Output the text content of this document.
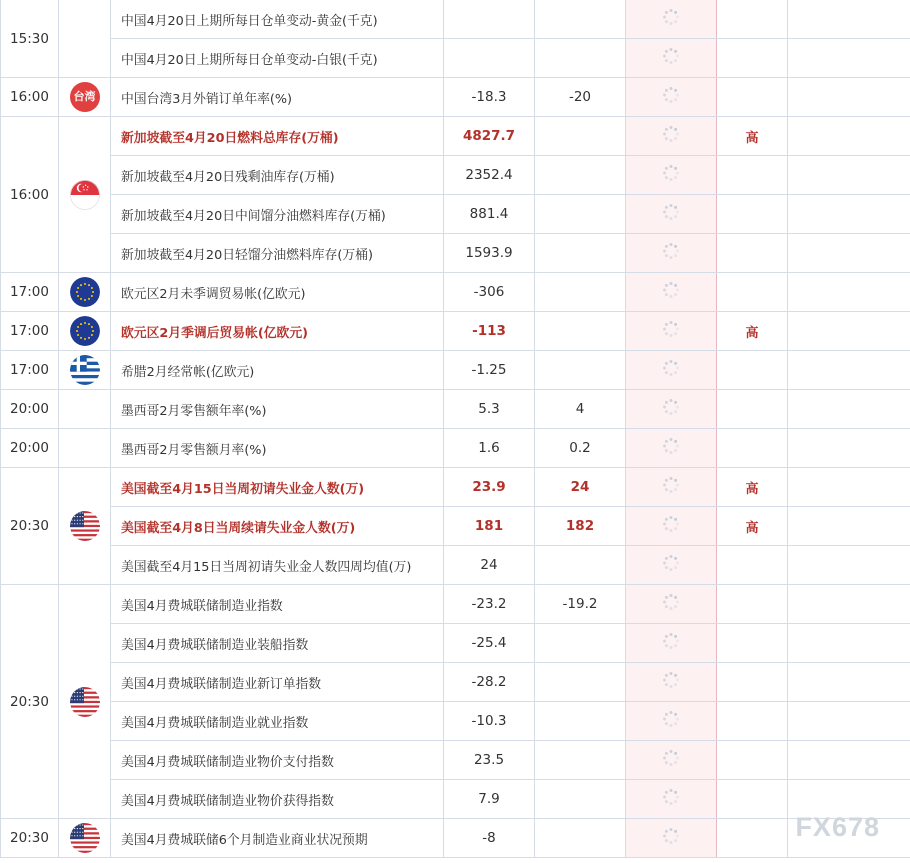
15:30		中国4月20日上期所每日仓单变动-黄金(千克)					
		中国4月20日上期所每日仓单变动-白银(千克)					
16:00	台湾	中国台湾3月外销订单年率(%)	-18.3	-20			
16:00		新加坡截至4月20日燃料总库存(万桶)	4827.7			高	
		新加坡截至4月20日残剩油库存(万桶)	2352.4				
		新加坡截至4月20日中间馏分油燃料库存(万桶)	881.4				
		新加坡截至4月20日轻馏分油燃料库存(万桶)	1593.9				
17:00		欧元区2月未季调贸易帐(亿欧元)	-306				
17:00		欧元区2月季调后贸易帐(亿欧元)	-113			高	
17:00		希腊2月经常帐(亿欧元)	-1.25				
20:00		墨西哥2月零售额年率(%)	5.3	4			
20:00		墨西哥2月零售额月率(%)	1.6	0.2			
20:30		美国截至4月15日当周初请失业金人数(万)	23.9	24		高	
		美国截至4月8日当周续请失业金人数(万)	181	182		高	
		美国截至4月15日当周初请失业金人数四周均值(万)	24				
20:30		美国4月费城联储制造业指数	-23.2	-19.2			
		美国4月费城联储制造业装船指数	-25.4				
		美国4月费城联储制造业新订单指数	-28.2				
		美国4月费城联储制造业就业指数	-10.3				
		美国4月费城联储制造业物价支付指数	23.5				
		美国4月费城联储制造业物价获得指数	7.9				
20:30		美国4月费城联储6个月制造业商业状况预期	-8					FX678
